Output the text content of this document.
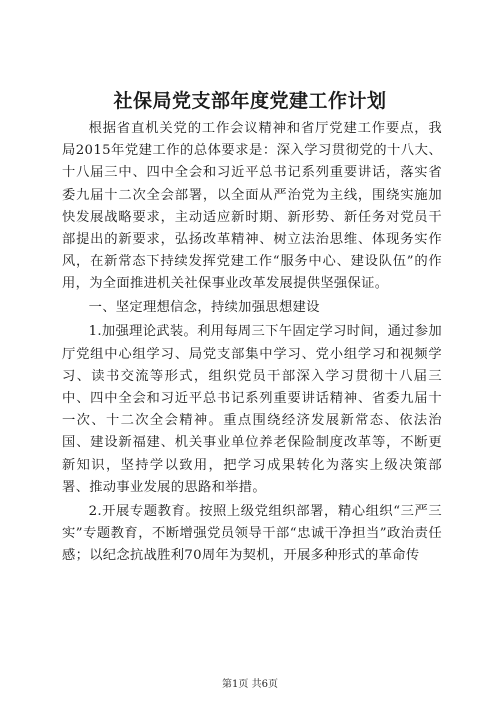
社保局党支部年度党建工作计划

根据省直机关党的工作会议精神和省厅党建工作要点，我局2015年党建工作的总体要求是：深入学习贯彻党的十八大、十八届三中、四中全会和习近平总书记系列重要讲话，落实省委九届十二次全会部署，以全面从严治党为主线，围绕实施加快发展战略要求，主动适应新时期、新形势、新任务对党员干部提出的新要求，弘扬改革精神、树立法治思维、体现务实作风，在新常态下持续发挥党建工作“服务中心、建设队伍”的作用，为全面推进机关社保事业改革发展提供坚强保证。

一、坚定理想信念，持续加强思想建设

1.加强理论武装。利用每周三下午固定学习时间，通过参加厅党组中心组学习、局党支部集中学习、党小组学习和视频学习、读书交流等形式，组织党员干部深入学习贯彻十八届三中、四中全会和习近平总书记系列重要讲话精神、省委九届十一次、十二次全会精神。重点围绕经济发展新常态、依法治国、建设新福建、机关事业单位养老保险制度改革等，不断更新知识，坚持学以致用，把学习成果转化为落实上级决策部署、推动事业发展的思路和举措。

2.开展专题教育。按照上级党组织部署，精心组织“三严三实”专题教育，不断增强党员领导干部“忠诚干净担当”政治责任感；以纪念抗战胜利70周年为契机，开展多种形式的革命传

第1页 共6页
